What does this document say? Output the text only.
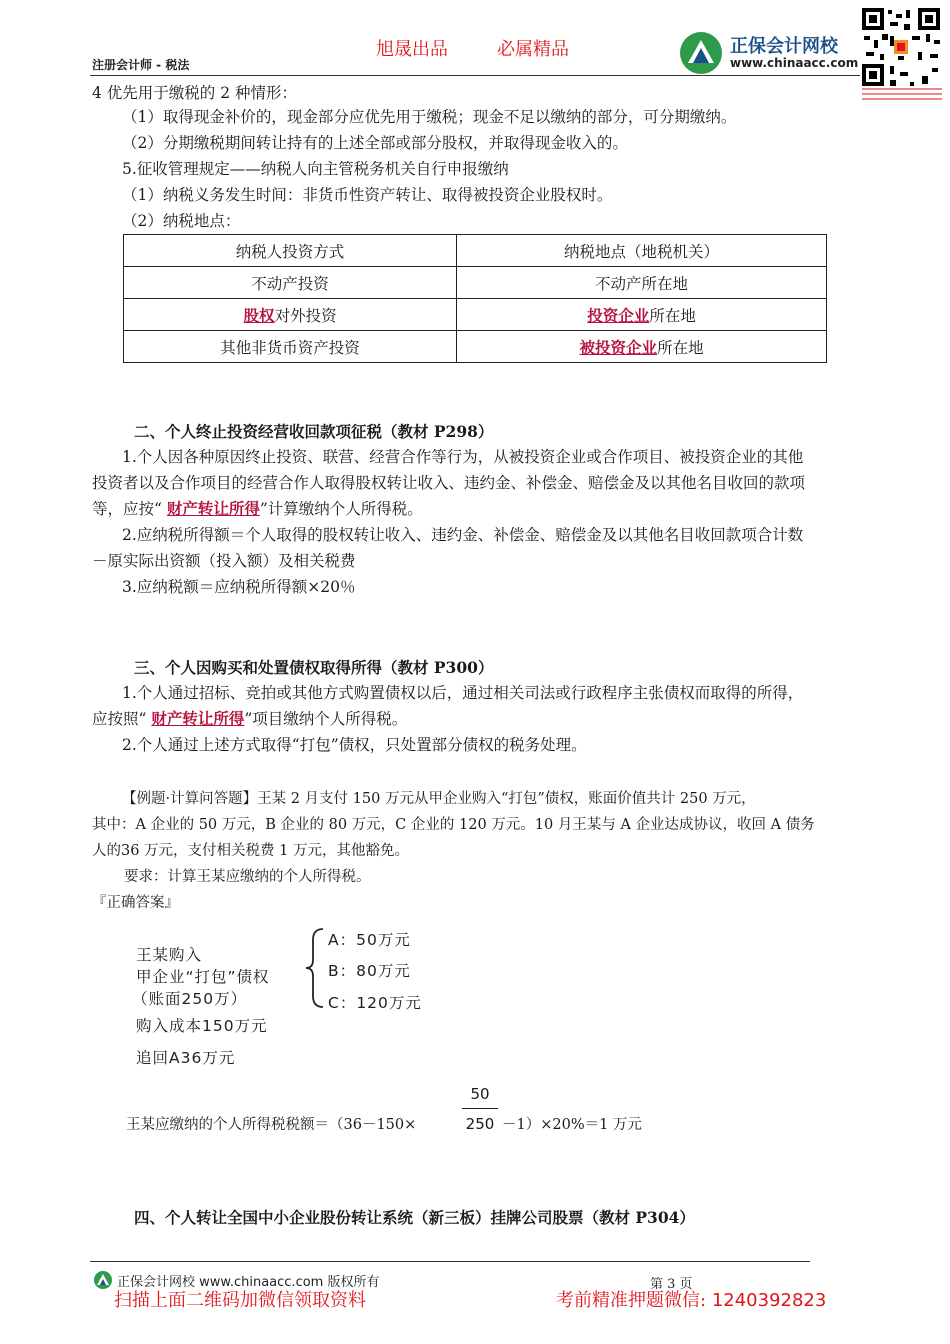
旭晟出品	必属精品
注册会计师 - 税法
正保会计网校
www.chinaacc.com
4 优先用于缴税的 2 种情形：
（1）取得现金补价的，现金部分应优先用于缴税；现金不足以缴纳的部分，可分期缴纳。
（2）分期缴税期间转让持有的上述全部或部分股权，并取得现金收入的。
5.征收管理规定——纳税人向主管税务机关自行申报缴纳
（1）纳税义务发生时间：非货币性资产转让、取得被投资企业股权时。
（2）纳税地点：
纳税人投资方式	纳税地点（地税机关）
不动产投资	不动产所在地
股权对外投资	投资企业所在地
其他非货币资产投资	被投资企业所在地
二、个人终止投资经营收回款项征税（教材 P298）
1.个人因各种原因终止投资、联营、经营合作等行为，从被投资企业或合作项目、被投资企业的其他
投资者以及合作项目的经营合作人取得股权转让收入、违约金、补偿金、赔偿金及以其他名目收回的款项
等，应按“ 财产转让所得”计算缴纳个人所得税。
2.应纳税所得额＝个人取得的股权转让收入、违约金、补偿金、赔偿金及以其他名目收回款项合计数
－原实际出资额（投入额）及相关税费
3.应纳税额＝应纳税所得额×20％
三、个人因购买和处置债权取得所得（教材 P300）
1.个人通过招标、竞拍或其他方式购置债权以后，通过相关司法或行政程序主张债权而取得的所得，
应按照“ 财产转让所得”项目缴纳个人所得税。
2.个人通过上述方式取得“打包”债权，只处置部分债权的税务处理。
【例题·计算问答题】王某 2 月支付 150 万元从甲企业购入“打包”债权，账面价值共计 250 万元，
其中：A 企业的 50 万元，B 企业的 80 万元，C 企业的 120 万元。10 月王某与 A 企业达成协议，收回 A 债务
人的36 万元，支付相关税费 1 万元，其他豁免。
要求：计算王某应缴纳的个人所得税。
『正确答案』
王某购入
甲企业“打包”债权
（账面250万）
购入成本150万元
追回A36万元
A：50万元
B：80万元
C：120万元
王某应缴纳的个人所得税税额＝（36－150×
50
250 －1）×20%＝1 万元
四、个人转让全国中小企业股份转让系统（新三板）挂牌公司股票（教材 P304）
正保会计网校 www.chinaacc.com 版权所有	第 3 页
扫描上面二维码加微信领取资料	考前精准押题微信: 1240392823
